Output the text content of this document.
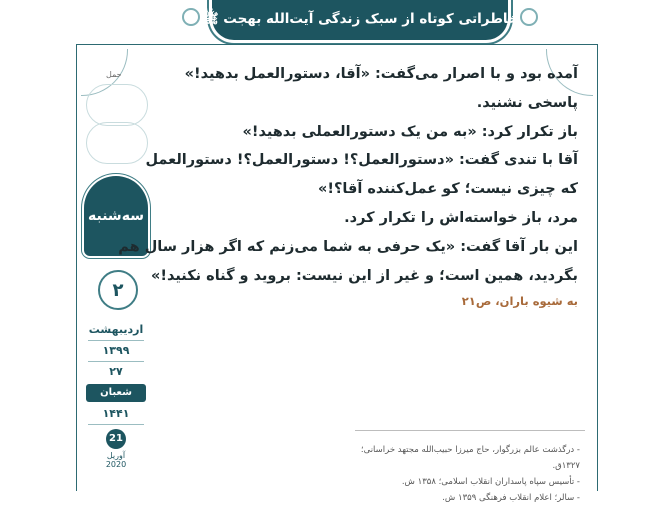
خاطراتی کوتاه از سبک زندگی آیت‌الله بهجت ﷺ
حمل
سه‌شنبه
۲
اردیبهشت
۱۳۹۹
۲۷
شعبان
۱۴۴۱
21
آوریل
2020
آمده بود و با اصرار می‌گفت: «آقا، دستورالعمل بدهید!»
پاسخی نشنید.
باز تکرار کرد: «به من یک دستورالعملی بدهید!»
آقا با تندی گفت: «دستورالعمل؟! دستورالعمل؟! دستورالعمل
که چیزی نیست؛ کو عمل‌کننده آقا؟!»
مرد، باز خواسته‌اش را تکرار کرد.
این بار آقا گفت: «یک حرفی به شما می‌زنم که اگر هزار سال هم
بگردید، همین است؛ و غیر از این نیست: بروید و گناه نکنید!»
به شیوه باران، ص۲۱
- درگذشت عالم بزرگوار، حاج میرزا حبیب‌الله مجتهد خراسانی؛ ۱۳۲۷ق.
- تأسیس سپاه پاسداران انقلاب اسلامی؛ ۱۳۵۸ ش.
- سالر؛ اعلام انقلاب فرهنگی ۱۳۵۹ ش.
